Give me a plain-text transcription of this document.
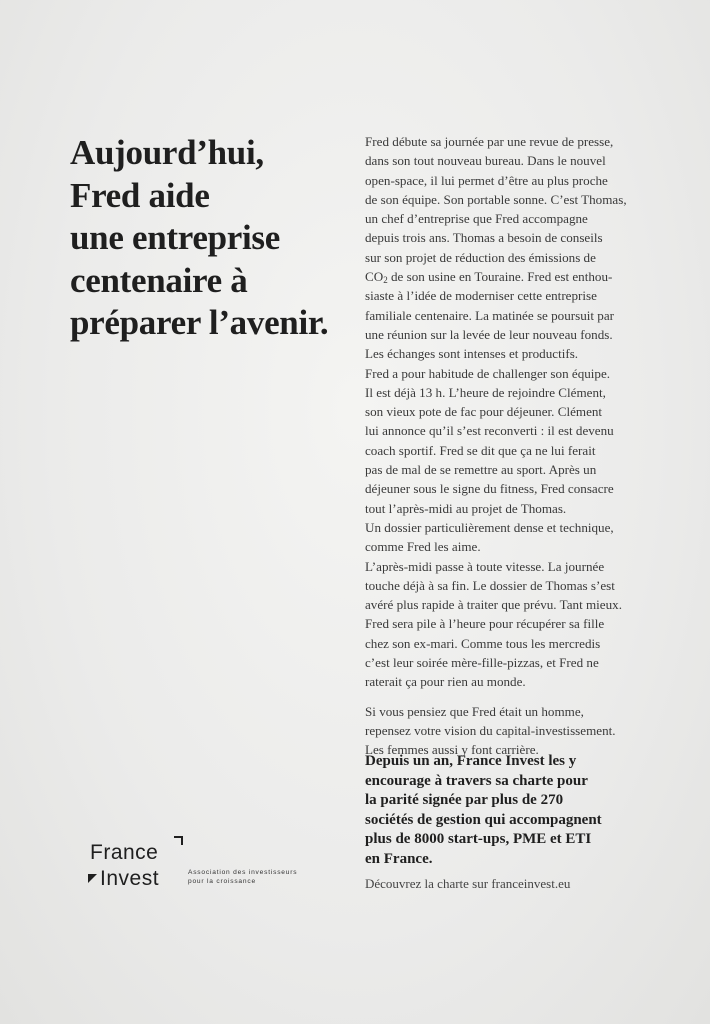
Aujourd’hui,
Fred aide
une entreprise
centenaire à
préparer l’avenir.
Fred débute sa journée par une revue de presse,
dans son tout nouveau bureau. Dans le nouvel
open-space, il lui permet d’être au plus proche
de son équipe. Son portable sonne. C’est Thomas,
un chef d’entreprise que Fred accompagne
depuis trois ans. Thomas a besoin de conseils
sur son projet de réduction des émissions de
$CO_2$ de son usine en Touraine. Fred est enthou-
siaste à l’idée de moderniser cette entreprise
familiale centenaire. La matinée se poursuit par
une réunion sur la levée de leur nouveau fonds.
Les échanges sont intenses et productifs.
Fred a pour habitude de challenger son équipe.
Il est déjà 13 h. L’heure de rejoindre Clément,
son vieux pote de fac pour déjeuner. Clément
lui annonce qu’il s’est reconverti : il est devenu
coach sportif. Fred se dit que ça ne lui ferait
pas de mal de se remettre au sport. Après un
déjeuner sous le signe du fitness, Fred consacre
tout l’après-midi au projet de Thomas.
Un dossier particulièrement dense et technique,
comme Fred les aime.
L’après-midi passe à toute vitesse. La journée
touche déjà à sa fin. Le dossier de Thomas s’est
avéré plus rapide à traiter que prévu. Tant mieux.
Fred sera pile à l’heure pour récupérer sa fille
chez son ex-mari. Comme tous les mercredis
c’est leur soirée mère-fille-pizzas, et Fred ne
raterait ça pour rien au monde.
Si vous pensiez que Fred était un homme,
repensez votre vision du capital-investissement.
Les femmes aussi y font carrière.
Depuis un an, France Invest les y
encourage à travers sa charte pour
la parité signée par plus de 270
sociétés de gestion qui accompagnent
plus de 8000 start-ups, PME et ETI
en France.
Découvrez la charte sur franceinvest.eu
France
Invest	Association des investisseurs
pour la croissance
